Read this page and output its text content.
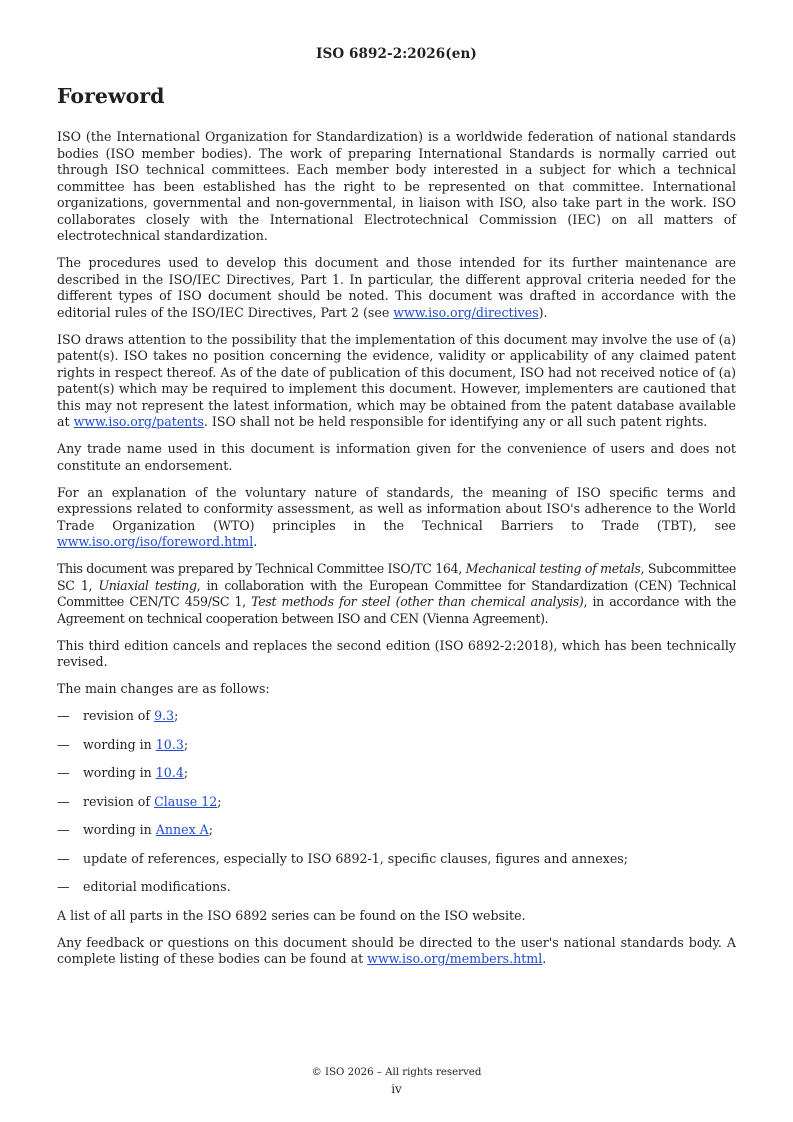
ISO 6892-2:2026(en)
Foreword

ISO (the International Organization for Standardization) is a worldwide federation of national standards bodies (ISO member bodies). The work of preparing International Standards is normally carried out through ISO technical committees. Each member body interested in a subject for which a technical committee has been established has the right to be represented on that committee. International organizations, governmental and non-governmental, in liaison with ISO, also take part in the work. ISO collaborates closely with the International Electrotechnical Commission (IEC) on all matters of electrotechnical standardization.

The procedures used to develop this document and those intended for its further maintenance are described in the ISO/IEC Directives, Part 1. In particular, the different approval criteria needed for the different types of ISO document should be noted. This document was drafted in accordance with the editorial rules of the ISO/IEC Directives, Part 2 (see www.iso.org/directives).

ISO draws attention to the possibility that the implementation of this document may involve the use of (a) patent(s). ISO takes no position concerning the evidence, validity or applicability of any claimed patent rights in respect thereof. As of the date of publication of this document, ISO had not received notice of (a) patent(s) which may be required to implement this document. However, implementers are cautioned that this may not represent the latest information, which may be obtained from the patent database available at www.iso.org/patents. ISO shall not be held responsible for identifying any or all such patent rights.

Any trade name used in this document is information given for the convenience of users and does not constitute an endorsement.

For an explanation of the voluntary nature of standards, the meaning of ISO specific terms and expressions related to conformity assessment, as well as information about ISO's adherence to the World Trade Organization (WTO) principles in the Technical Barriers to Trade (TBT), see www.iso.org/iso/foreword.html.

This document was prepared by Technical Committee ISO/TC 164, Mechanical testing of metals, Subcommittee SC 1, Uniaxial testing, in collaboration with the European Committee for Standardization (CEN) Technical Committee CEN/TC 459/SC 1, Test methods for steel (other than chemical analysis), in accordance with the Agreement on technical cooperation between ISO and CEN (Vienna Agreement).

This third edition cancels and replaces the second edition (ISO 6892-2:2018), which has been technically revised.

The main changes are as follows:

— revision of 9.3;
— wording in 10.3;
— wording in 10.4;
— revision of Clause 12;
— wording in Annex A;
— update of references, especially to ISO 6892-1, specific clauses, figures and annexes;
— editorial modifications.

A list of all parts in the ISO 6892 series can be found on the ISO website.

Any feedback or questions on this document should be directed to the user's national standards body. A complete listing of these bodies can be found at www.iso.org/members.html.

© ISO 2026 – All rights reserved
iv
